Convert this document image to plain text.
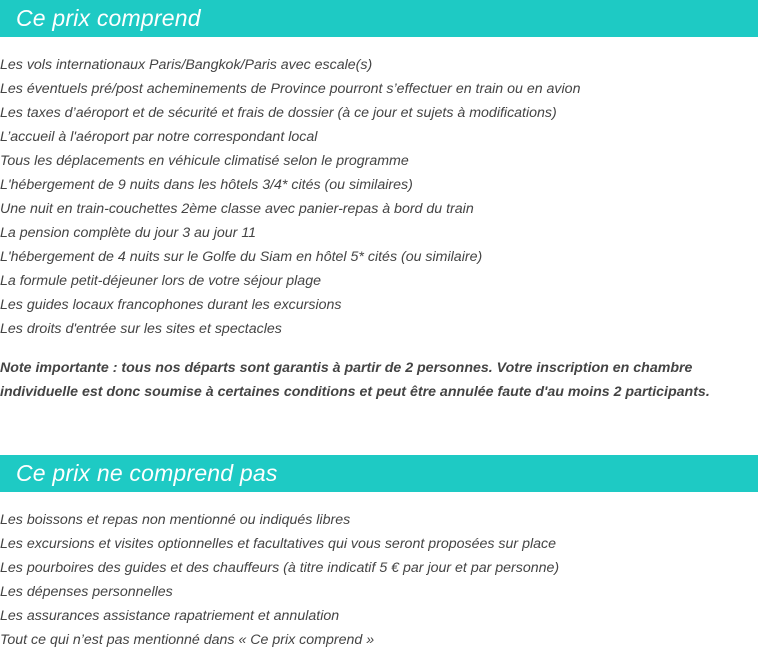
Ce prix comprend
Les vols internationaux Paris/Bangkok/Paris avec escale(s)
Les éventuels pré/post acheminements de Province pourront s’effectuer en train ou en avion
Les taxes d’aéroport et de sécurité et frais de dossier (à ce jour et sujets à modifications)
L’accueil à l'aéroport par notre correspondant local
Tous les déplacements en véhicule climatisé selon le programme
L'hébergement de 9 nuits dans les hôtels 3/4* cités (ou similaires)
Une nuit en train-couchettes 2ème classe avec panier-repas à bord du train
La pension complète du jour 3 au jour 11
L'hébergement de 4 nuits sur le Golfe du Siam en hôtel 5* cités (ou similaire)
La formule petit-déjeuner lors de votre séjour plage
Les guides locaux francophones durant les excursions
Les droits d'entrée sur les sites et spectacles

Note importante : tous nos départs sont garantis à partir de 2 personnes. Votre inscription en chambre
individuelle est donc soumise à certaines conditions et peut être annulée faute d'au moins 2 participants.

Ce prix ne comprend pas
Les boissons et repas non mentionné ou indiqués libres
Les excursions et visites optionnelles et facultatives qui vous seront proposées sur place
Les pourboires des guides et des chauffeurs (à titre indicatif 5 € par jour et par personne)
Les dépenses personnelles
Les assurances assistance rapatriement et annulation
Tout ce qui n’est pas mentionné dans « Ce prix comprend »
